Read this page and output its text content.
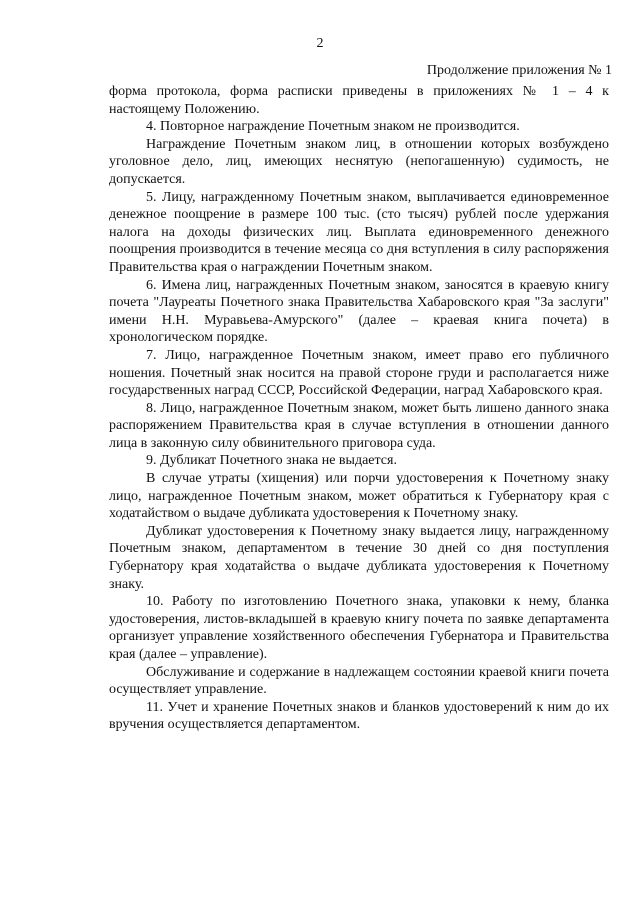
2
Продолжение приложения № 1

форма протокола, форма расписки приведены в приложениях № 1 – 4 к настоящему Положению.

4. Повторное награждение Почетным знаком не производится.

Награждение Почетным знаком лиц, в отношении которых возбуждено уголовное дело, лиц, имеющих неснятую (непогашенную) судимость, не допускается.

5. Лицу, награжденному Почетным знаком, выплачивается единовременное денежное поощрение в размере 100 тыс. (сто тысяч) рублей после удержания налога на доходы физических лиц. Выплата единовременного денежного поощрения производится в течение месяца со дня вступления в силу распоряжения Правительства края о награждении Почетным знаком.

6. Имена лиц, награжденных Почетным знаком, заносятся в краевую книгу почета "Лауреаты Почетного знака Правительства Хабаровского края "За заслуги" имени Н.Н. Муравьева-Амурского" (далее – краевая книга почета) в хронологическом порядке.

7. Лицо, награжденное Почетным знаком, имеет право его публичного ношения. Почетный знак носится на правой стороне груди и располагается ниже государственных наград СССР, Российской Федерации, наград Хабаровского края.

8. Лицо, награжденное Почетным знаком, может быть лишено данного знака распоряжением Правительства края в случае вступления в отношении данного лица в законную силу обвинительного приговора суда.

9. Дубликат Почетного знака не выдается.

В случае утраты (хищения) или порчи удостоверения к Почетному знаку лицо, награжденное Почетным знаком, может обратиться к Губернатору края с ходатайством о выдаче дубликата удостоверения к Почетному знаку.

Дубликат удостоверения к Почетному знаку выдается лицу, награжденному Почетным знаком, департаментом в течение 30 дней со дня поступления Губернатору края ходатайства о выдаче дубликата удостоверения к Почетному знаку.

10. Работу по изготовлению Почетного знака, упаковки к нему, бланка удостоверения, листов-вкладышей в краевую книгу почета по заявке департамента организует управление хозяйственного обеспечения Губернатора и Правительства края (далее – управление).

Обслуживание и содержание в надлежащем состоянии краевой книги почета осуществляет управление.

11. Учет и хранение Почетных знаков и бланков удостоверений к ним до их вручения осуществляется департаментом.
